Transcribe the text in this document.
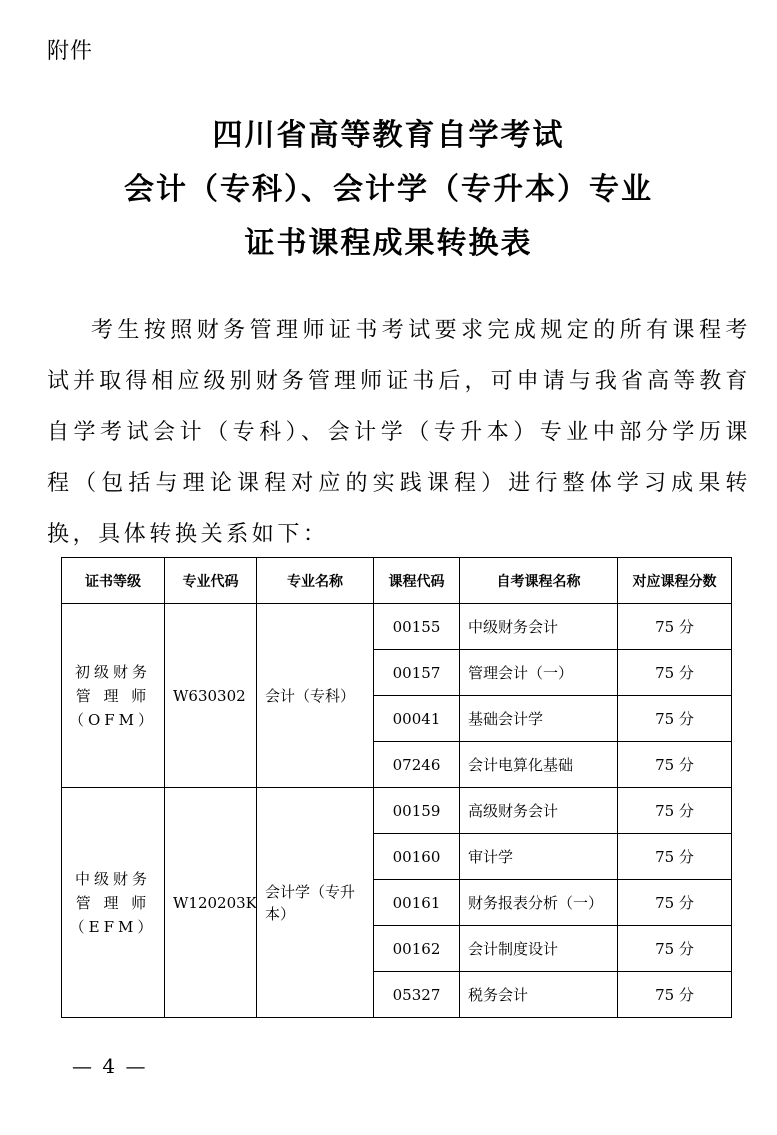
附件
四川省高等教育自学考试
会计（专科）、会计学（专升本）专业
证书课程成果转换表
考生按照财务管理师证书考试要求完成规定的所有课程考试并取得相应级别财务管理师证书后，可申请与我省高等教育自学考试会计（专科）、会计学（专升本）专业中部分学历课程（包括与理论课程对应的实践课程）进行整体学习成果转换，具体转换关系如下：
证书等级	专业代码	专业名称	课程代码	自考课程名称	对应课程分数

初级财务
管 理 师
（OFM）	W630302	会计（专科）	00155	中级财务会计	75 分
			00157	管理会计（一）	75 分
			00041	基础会计学	75 分
			07246	会计电算化基础	75 分

中级财务
管 理 师
（EFM）	W120203K	会计学（专升本）	00159	高级财务会计	75 分
			00160	审计学	75 分
			00161	财务报表分析（一）	75 分
			00162	会计制度设计	75 分
			05327	税务会计	75 分
— 4 —
